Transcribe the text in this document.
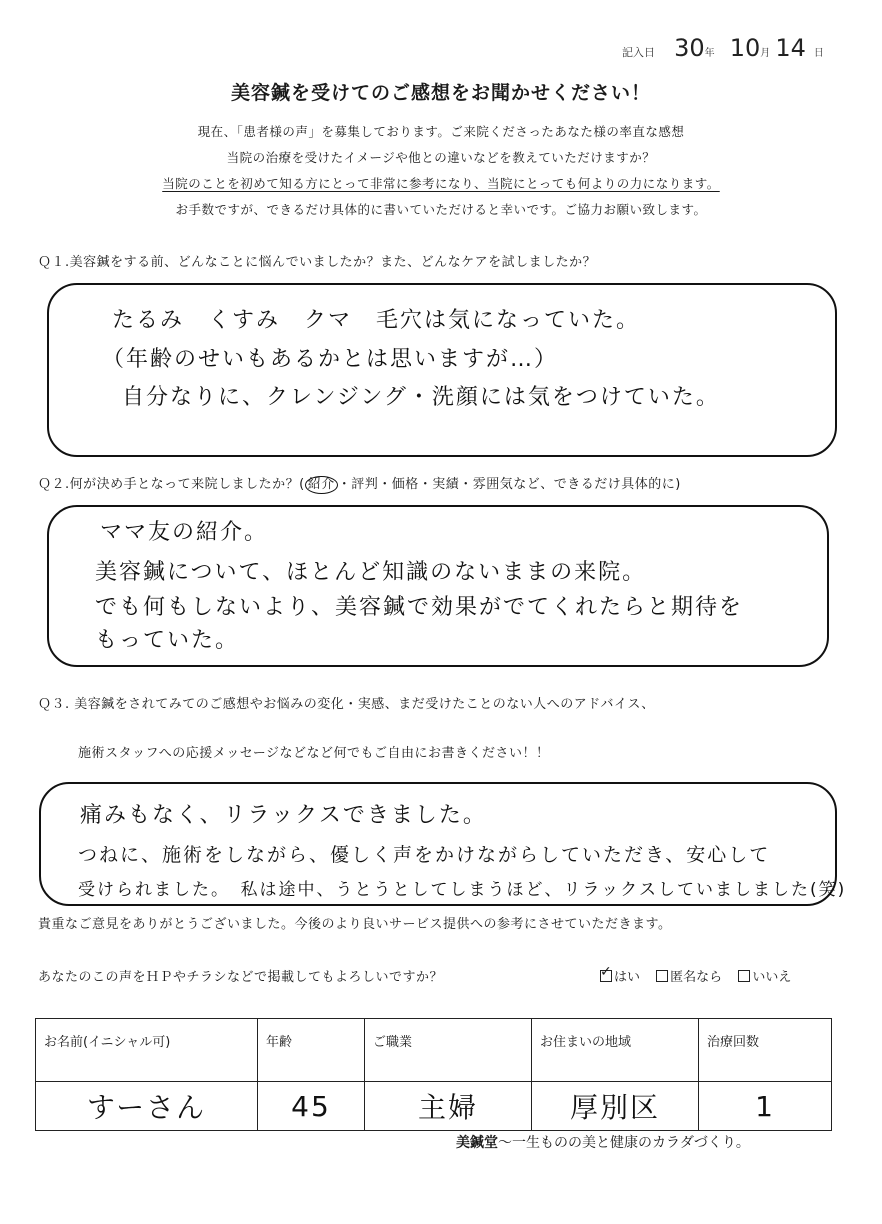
記入日 30年 10月 14 日
美容鍼を受けてのご感想をお聞かせください！
現在、「患者様の声」を募集しております。ご来院くださったあなた様の率直な感想
当院の治療を受けたイメージや他との違いなどを教えていただけますか？
当院のことを初めて知る方にとって非常に参考になり、当院にとっても何よりの力になります。
お手数ですが、できるだけ具体的に書いていただけると幸いです。ご協力お願い致します。
Ｑ１.美容鍼をする前、どんなことに悩んでいましたか？また、どんなケアを試しましたか？
たるみ　くすみ　クマ　毛穴は気になっていた。
（年齢のせいもあるかとは思いますが…）
自分なりに、クレンジング・洗顔には気をつけていた。
Ｑ２.何が決め手となって来院しましたか？( 紹介 ・評判・価格・実績・雰囲気など、できるだけ具体的に)
ママ友の紹介。
美容鍼について、ほとんど知識のないままの来院。
でも何もしないより、美容鍼で効果がでてくれたらと期待を
もっていた。
Ｑ３. 美容鍼をされてみてのご感想やお悩みの変化・実感、まだ受けたことのない人へのアドバイス、
施術スタッフへの応援メッセージなどなど何でもご自由にお書きください！！
痛みもなく、リラックスできました。
つねに、施術をしながら、優しく声をかけながらしていただき、安心して
受けられました。　私は途中、うとうとしてしまうほど、リラックスしていましました(笑)
貴重なご意見をありがとうございました。今後のより良いサービス提供への参考にさせていただきます。
あなたのこの声をＨＰやチラシなどで掲載してもよろしいですか？ ✓	はい 匿名なら いいえ
お名前(イニシャル可)	年齢	ご職業	お住まいの地域	治療回数
すーさん	45	主婦	厚別区	1
美鍼堂～一生ものの美と健康のカラダづくり。
